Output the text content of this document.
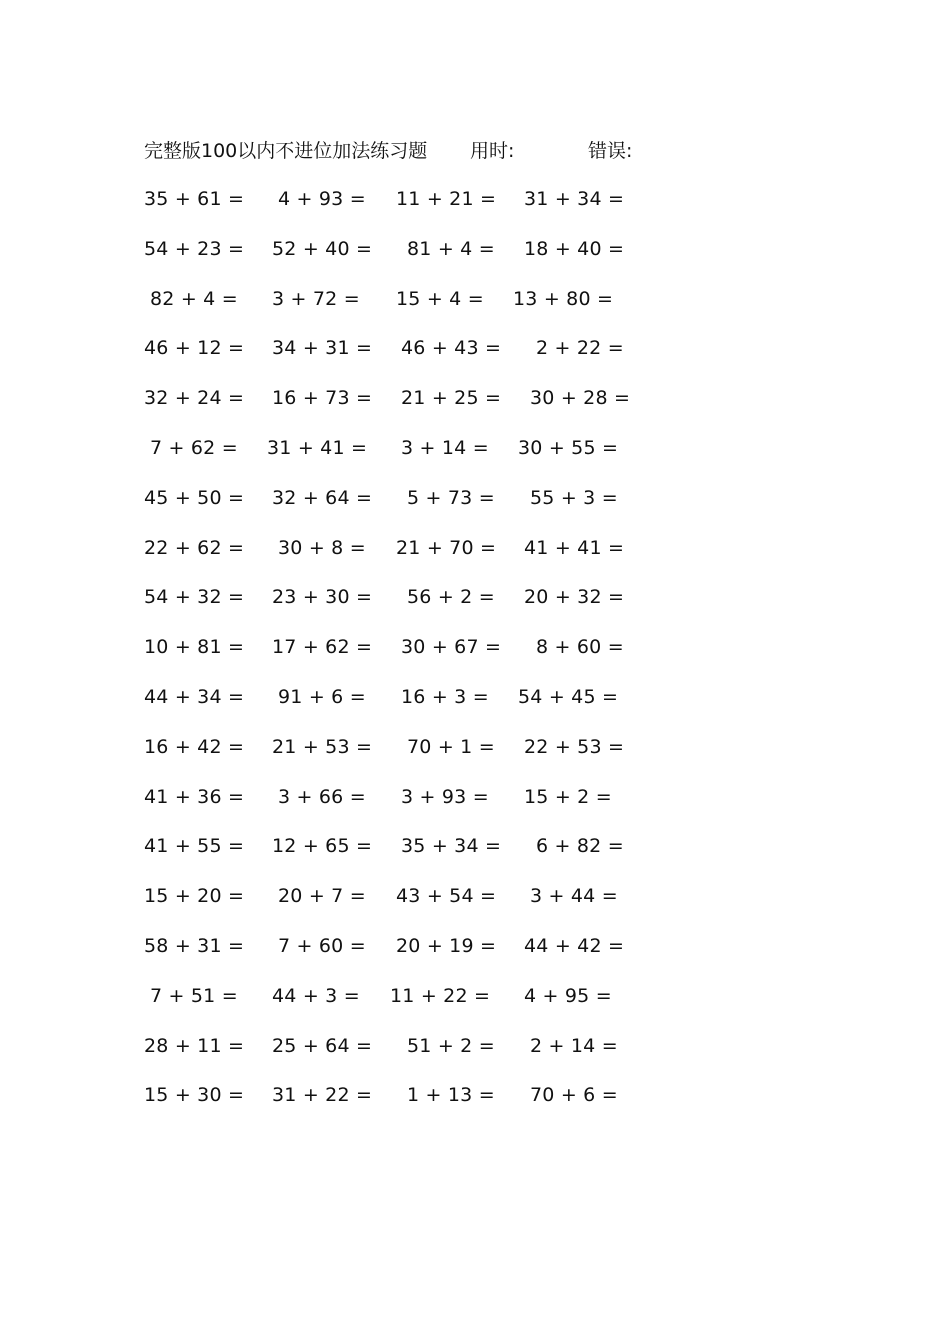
完整版100以内不进位加法练习题 用时:	错误:
35 + 61 = 4 + 93 = 11 + 21 = 31 + 34 =
54 + 23 = 52 + 40 = 81 + 4 = 18 + 40 =
82 + 4 = 3 + 72 = 15 + 4 = 13 + 80 =
46 + 12 = 34 + 31 = 46 + 43 = 2 + 22 =
32 + 24 = 16 + 73 = 21 + 25 = 30 + 28 =
7 + 62 = 31 + 41 = 3 + 14 = 30 + 55 =
45 + 50 = 32 + 64 = 5 + 73 = 55 + 3 =
22 + 62 = 30 + 8 = 21 + 70 = 41 + 41 =
54 + 32 = 23 + 30 = 56 + 2 = 20 + 32 =
10 + 81 = 17 + 62 = 30 + 67 = 8 + 60 =
44 + 34 = 91 + 6 = 16 + 3 = 54 + 45 =
16 + 42 = 21 + 53 = 70 + 1 = 22 + 53 =
41 + 36 = 3 + 66 = 3 + 93 = 15 + 2 =
41 + 55 = 12 + 65 = 35 + 34 = 6 + 82 =
15 + 20 = 20 + 7 = 43 + 54 = 3 + 44 =
58 + 31 = 7 + 60 = 20 + 19 = 44 + 42 =
7 + 51 = 44 + 3 = 11 + 22 = 4 + 95 =
28 + 11 = 25 + 64 = 51 + 2 = 2 + 14 =
15 + 30 = 31 + 22 = 1 + 13 = 70 + 6 =
